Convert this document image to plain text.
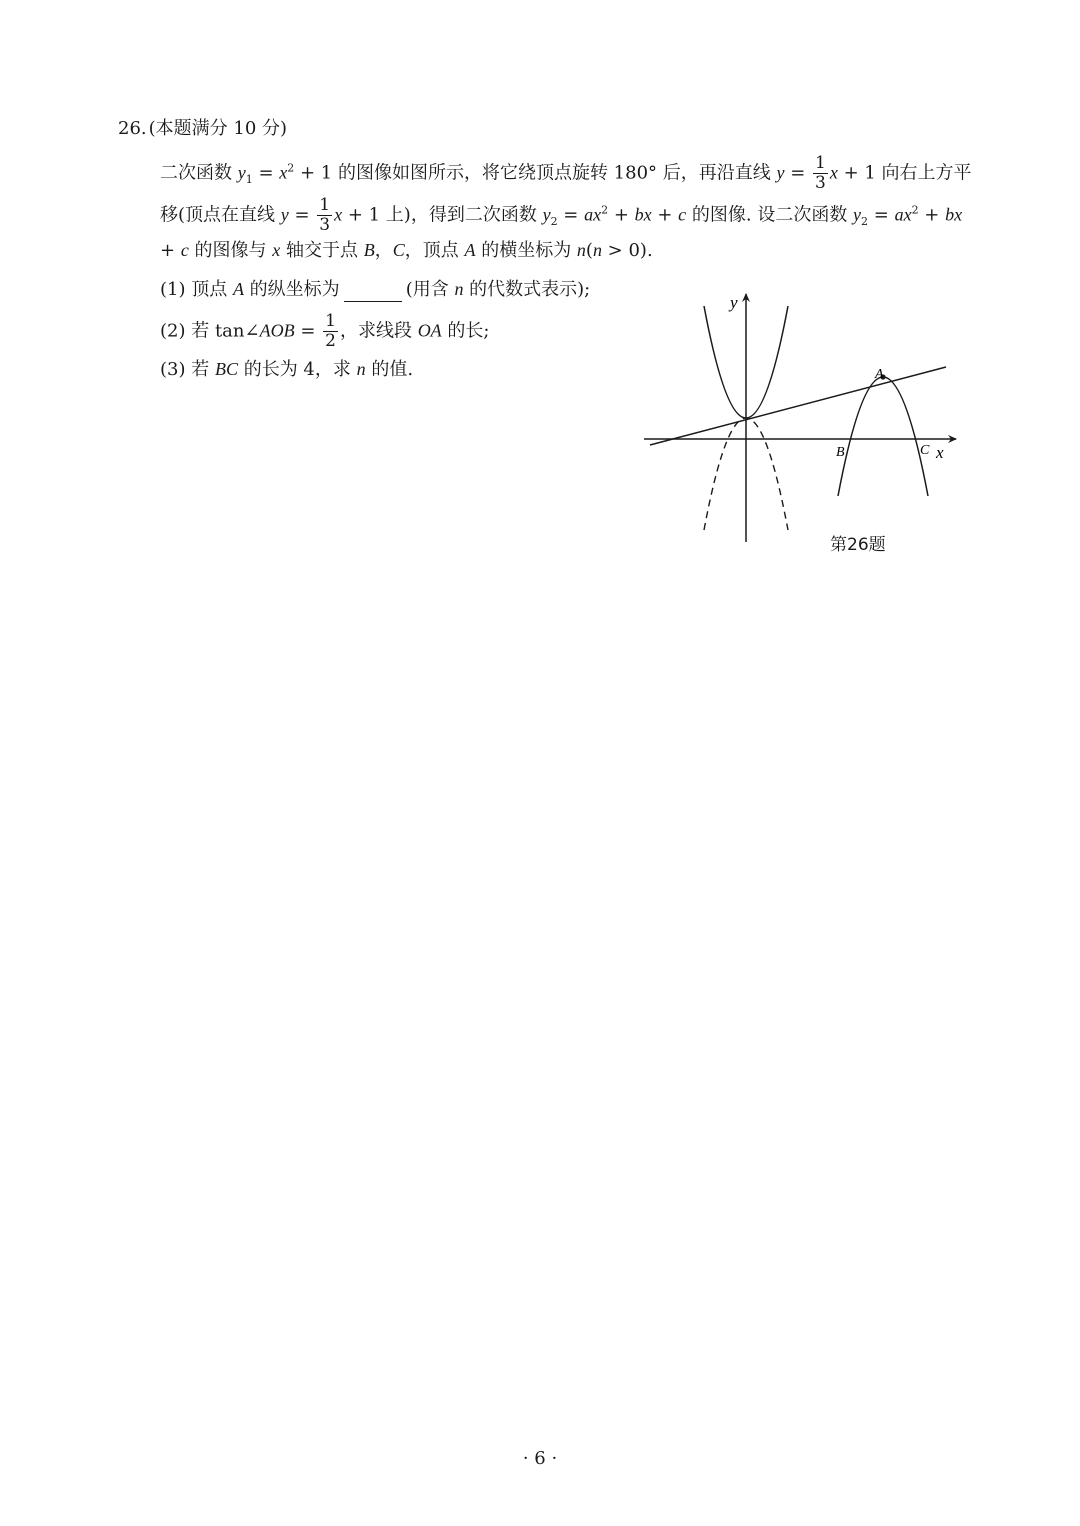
26. (本题满分 10 分)
二次函数 $y_1 = x^2 + 1$ 的图像如图所示，将它绕顶点旋转 180° 后，再沿直线 $y = \frac{1}{3}$ x + 1 向右上方平
移(顶点在直线 $y = \frac{1}{3}$ x + 1 上)，得到二次函数 $y_2 = ax^2$ + bx + c 的图像. 设二次函数 $y_2 = ax^2$ + bx
+ c 的图像与 x 轴交于点 B，C，顶点 A 的横坐标为 n(n > 0).
(1) 顶点 A 的纵坐标为	(用含 n 的代数式表示);
(2) 若 tan∠AOB = $\frac{1}{2}$ ，求线段 OA 的长;
(3) 若 BC 的长为 4，求 n 的值.
y
x
A
B	C
第26题
· 6 ·
